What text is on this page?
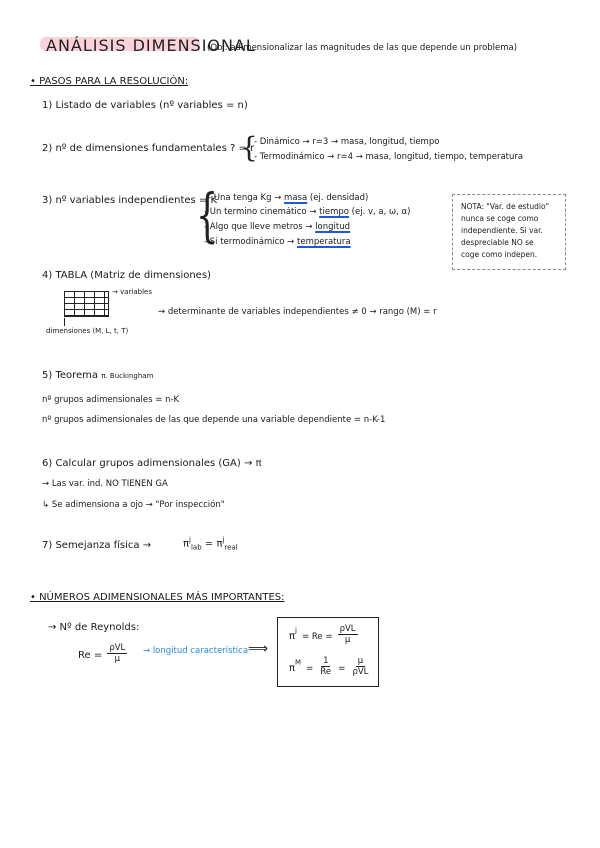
ANÁLISIS DIMENSIONAL
(Obj: adimensionalizar las magnitudes de las que depende un problema)
• PASOS PARA LA RESOLUCIÓN:
1) Listado de variables (nº variables = n)
2) nº de dimensiones fundamentales ? = r
{
- Dinámico → r=3 → masa, longitud, tiempo
- Termodinámico → r=4 → masa, longitud, tiempo, temperatura
3) nº variables independientes = K
{
- Una tenga Kg → masa (ej. densidad)
- Un termino cinemático → tiempo (ej. v, a, ω, α)
- Algo que lleve metros → longitud
- Si termodinámico → temperatura
NOTA: "Var. de estudio"
nunca se coge como
independiente. Si var.
despreciable NO se
coge como indepen.
4) TABLA (Matriz de dimensiones)
→ variables
dimensiones (M, L, t, T)
⇝ determinante de variables independientes ≠ 0 → rango (M) = r
5) Teorema π. Buckingham
nº grupos adimensionales = n-K
nº grupos adimensionales de las que depende una variable dependiente = n-K-1
6) Calcular grupos adimensionales (GA) → π
→ Las var. ind. NO TIENEN GA
↳ Se adimensiona a ojo → "Por inspección"
7) Semejanza física →	$\pi^j_{lab} = \pi^j_{real}$
• NÚMEROS ADIMENSIONALES MÁS IMPORTANTES:
→ Nº de Reynolds:
$Re = \frac{\text{ρVL}}{\mu}$ → longitud característica ⟹
$\pi^j = Re = \frac{\text{ρVL}}{\mu}$
$\pi^M = \frac{1}{Re} = \frac{\mu}{\text{ρVL}}$
